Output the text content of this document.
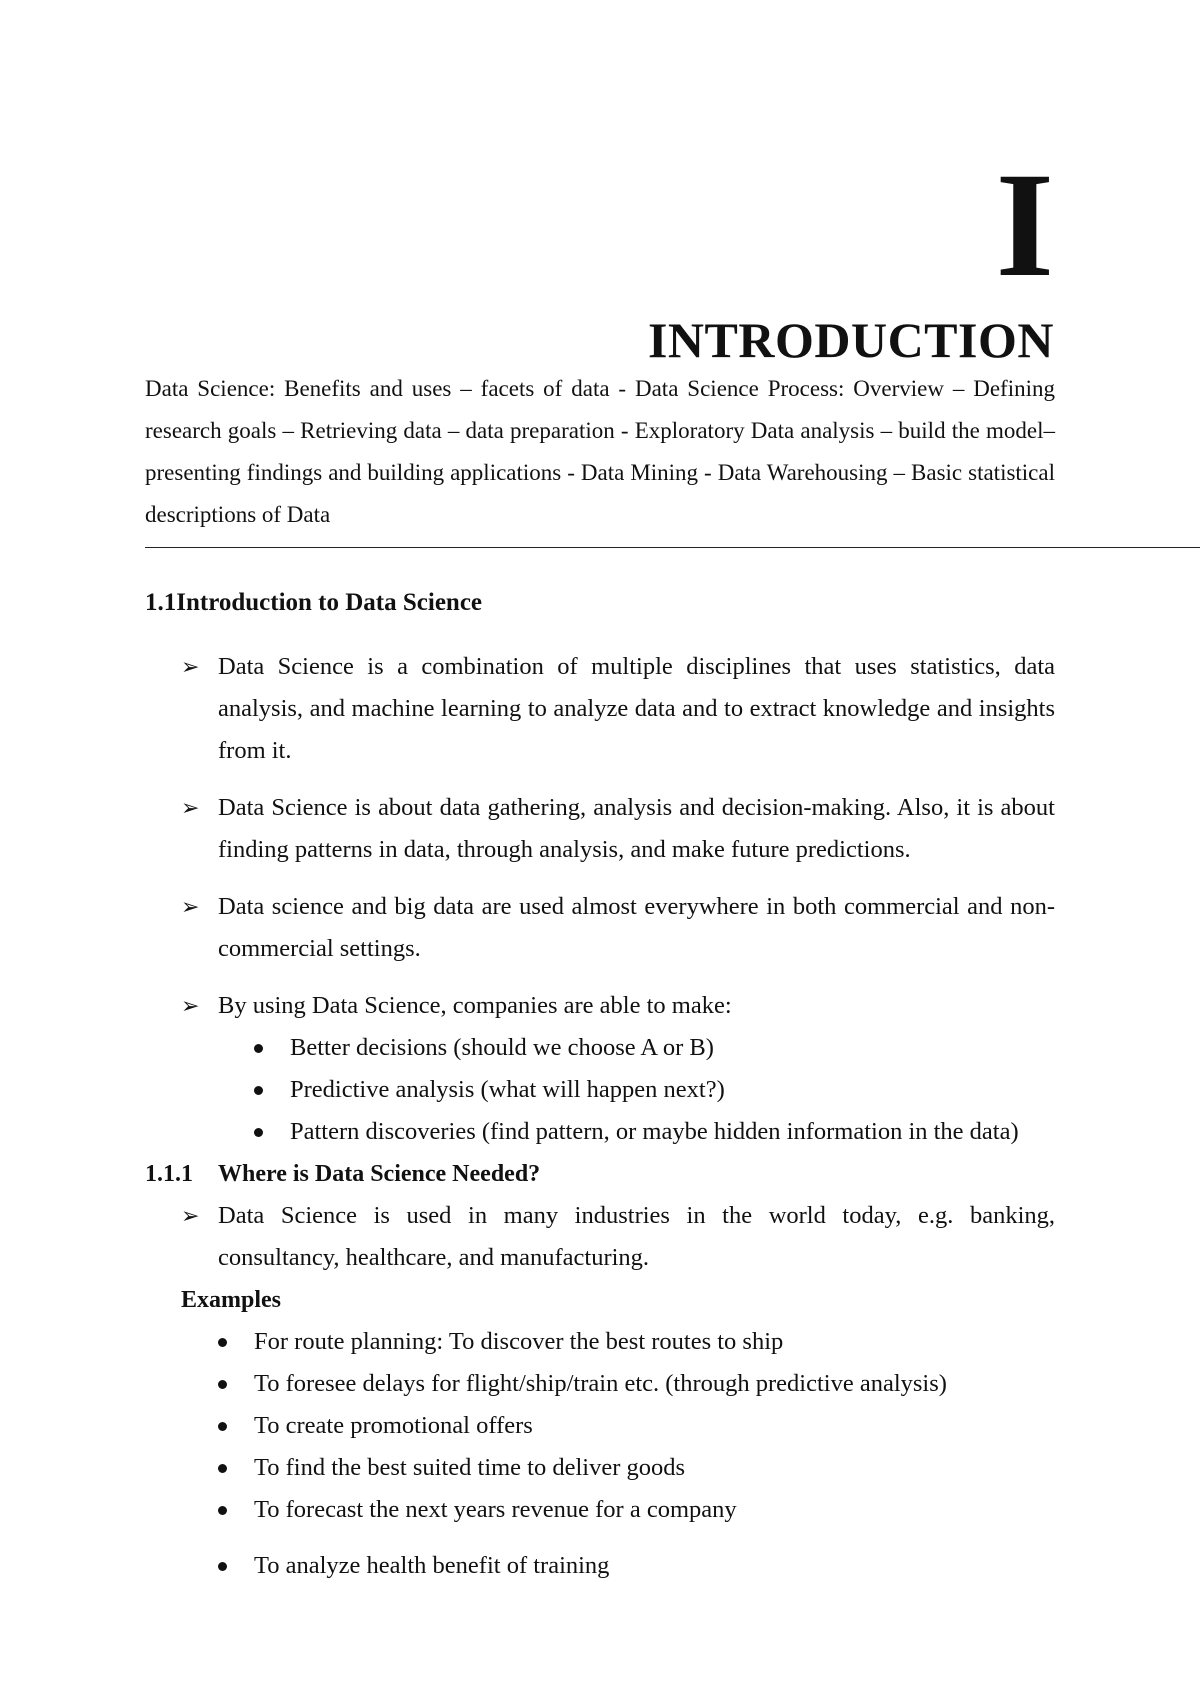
I
INTRODUCTION

Data Science: Benefits and uses – facets of data - Data Science Process: Overview – Defining research goals – Retrieving data – data preparation - Exploratory Data analysis – build the model– presenting findings and building applications - Data Mining - Data Warehousing – Basic statistical descriptions of Data

1.1Introduction to Data Science
➢ Data Science is a combination of multiple disciplines that uses statistics, data analysis, and machine learning to analyze data and to extract knowledge and insights from it.
➢ Data Science is about data gathering, analysis and decision-making. Also, it is about finding patterns in data, through analysis, and make future predictions.
➢ Data science and big data are used almost everywhere in both commercial and non-commercial settings.
➢ By using Data Science, companies are able to make:
Better decisions (should we choose A or B)
Predictive analysis (what will happen next?)
Pattern discoveries (find pattern, or maybe hidden information in the data)
1.1.1 Where is Data Science Needed?
➢ Data Science is used in many industries in the world today, e.g. banking, consultancy, healthcare, and manufacturing.

Examples

For route planning: To discover the best routes to ship
To foresee delays for flight/ship/train etc. (through predictive analysis)
To create promotional offers
To find the best suited time to deliver goods
To forecast the next years revenue for a company
To analyze health benefit of training
